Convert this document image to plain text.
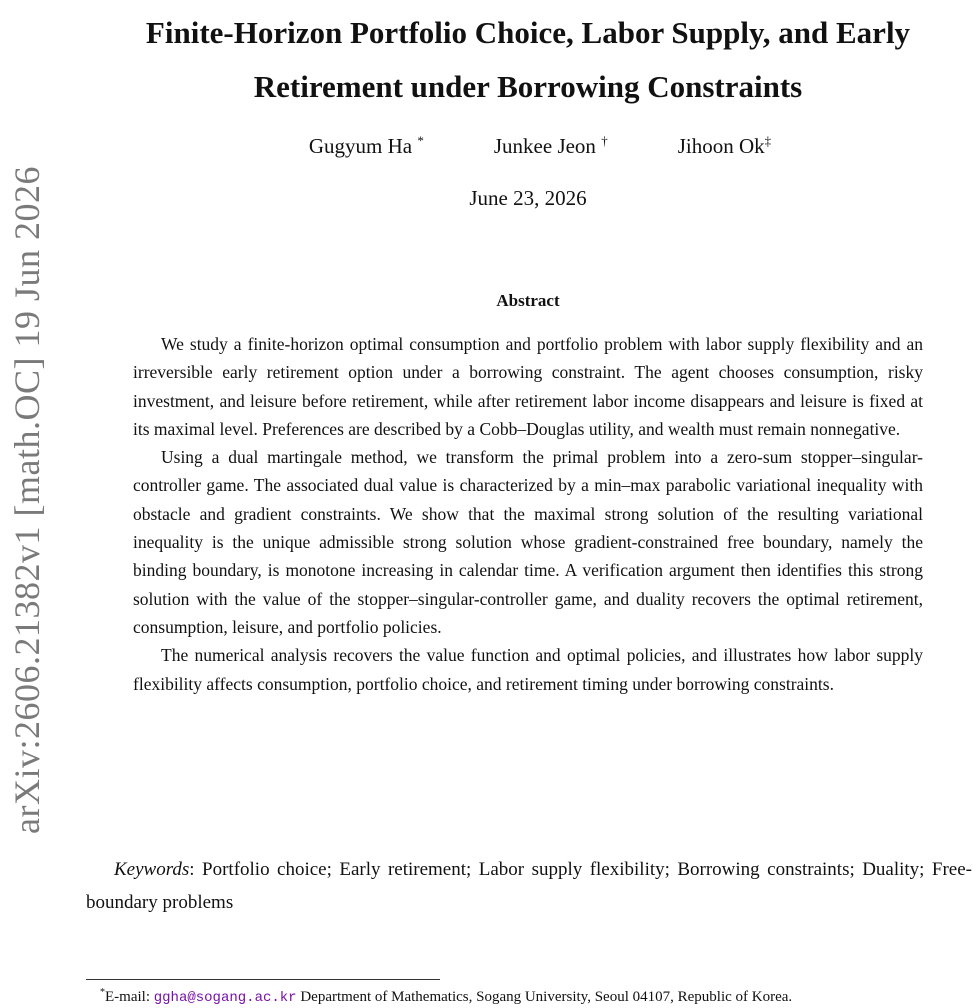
arXiv:2606.21382v1 [math.OC] 19 Jun 2026
Finite-Horizon Portfolio Choice, Labor Supply, and Early Retirement under Borrowing Constraints
Gugyum Ha *	Junkee Jeon †	Jihoon Ok‡
June 23, 2026
Abstract

We study a finite-horizon optimal consumption and portfolio problem with labor supply flexibility and an irreversible early retirement option under a borrowing constraint. The agent chooses consumption, risky investment, and leisure before retirement, while after retirement labor income disappears and leisure is fixed at its maximal level. Preferences are described by a Cobb–Douglas utility, and wealth must remain nonnegative.

Using a dual martingale method, we transform the primal problem into a zero-sum stopper–singular-controller game. The associated dual value is characterized by a min–max parabolic variational inequality with obstacle and gradient constraints. We show that the maximal strong solution of the resulting variational inequality is the unique admissible strong solution whose gradient-constrained free boundary, namely the binding boundary, is monotone increasing in calendar time. A verification argument then identifies this strong solution with the value of the stopper–singular-controller game, and duality recovers the optimal retirement, consumption, leisure, and portfolio policies.

The numerical analysis recovers the value function and optimal policies, and illustrates how labor supply flexibility affects consumption, portfolio choice, and retirement timing under borrowing constraints.

Keywords: Portfolio choice; Early retirement; Labor supply flexibility; Borrowing constraints; Duality; Free-boundary problems
*E-mail: ggha@sogang.ac.kr Department of Mathematics, Sogang University, Seoul 04107, Republic of Korea.
